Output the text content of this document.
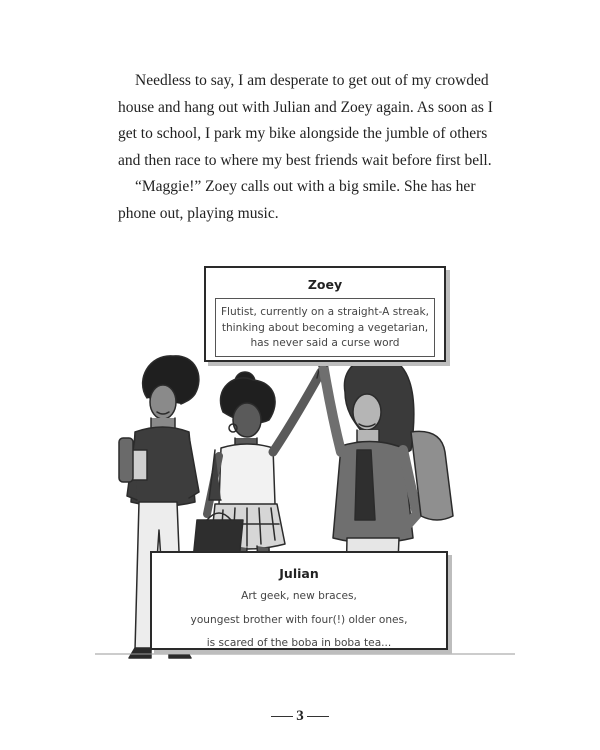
Needless to say, I am desperate to get out of my crowded house and hang out with Julian and Zoey again. As soon as I get to school, I park my bike alongside the jumble of others and then race to where my best friends wait before first bell.

“Maggie!” Zoey calls out with a big smile. She has her phone out, playing music.

Zoey
Flutist, currently on a straight-A streak,
thinking about becoming a vegetarian,
has never said a curse word
Julian
Art geek, new braces,
youngest brother with four(!) older ones,
is scared of the boba in boba tea...
3
